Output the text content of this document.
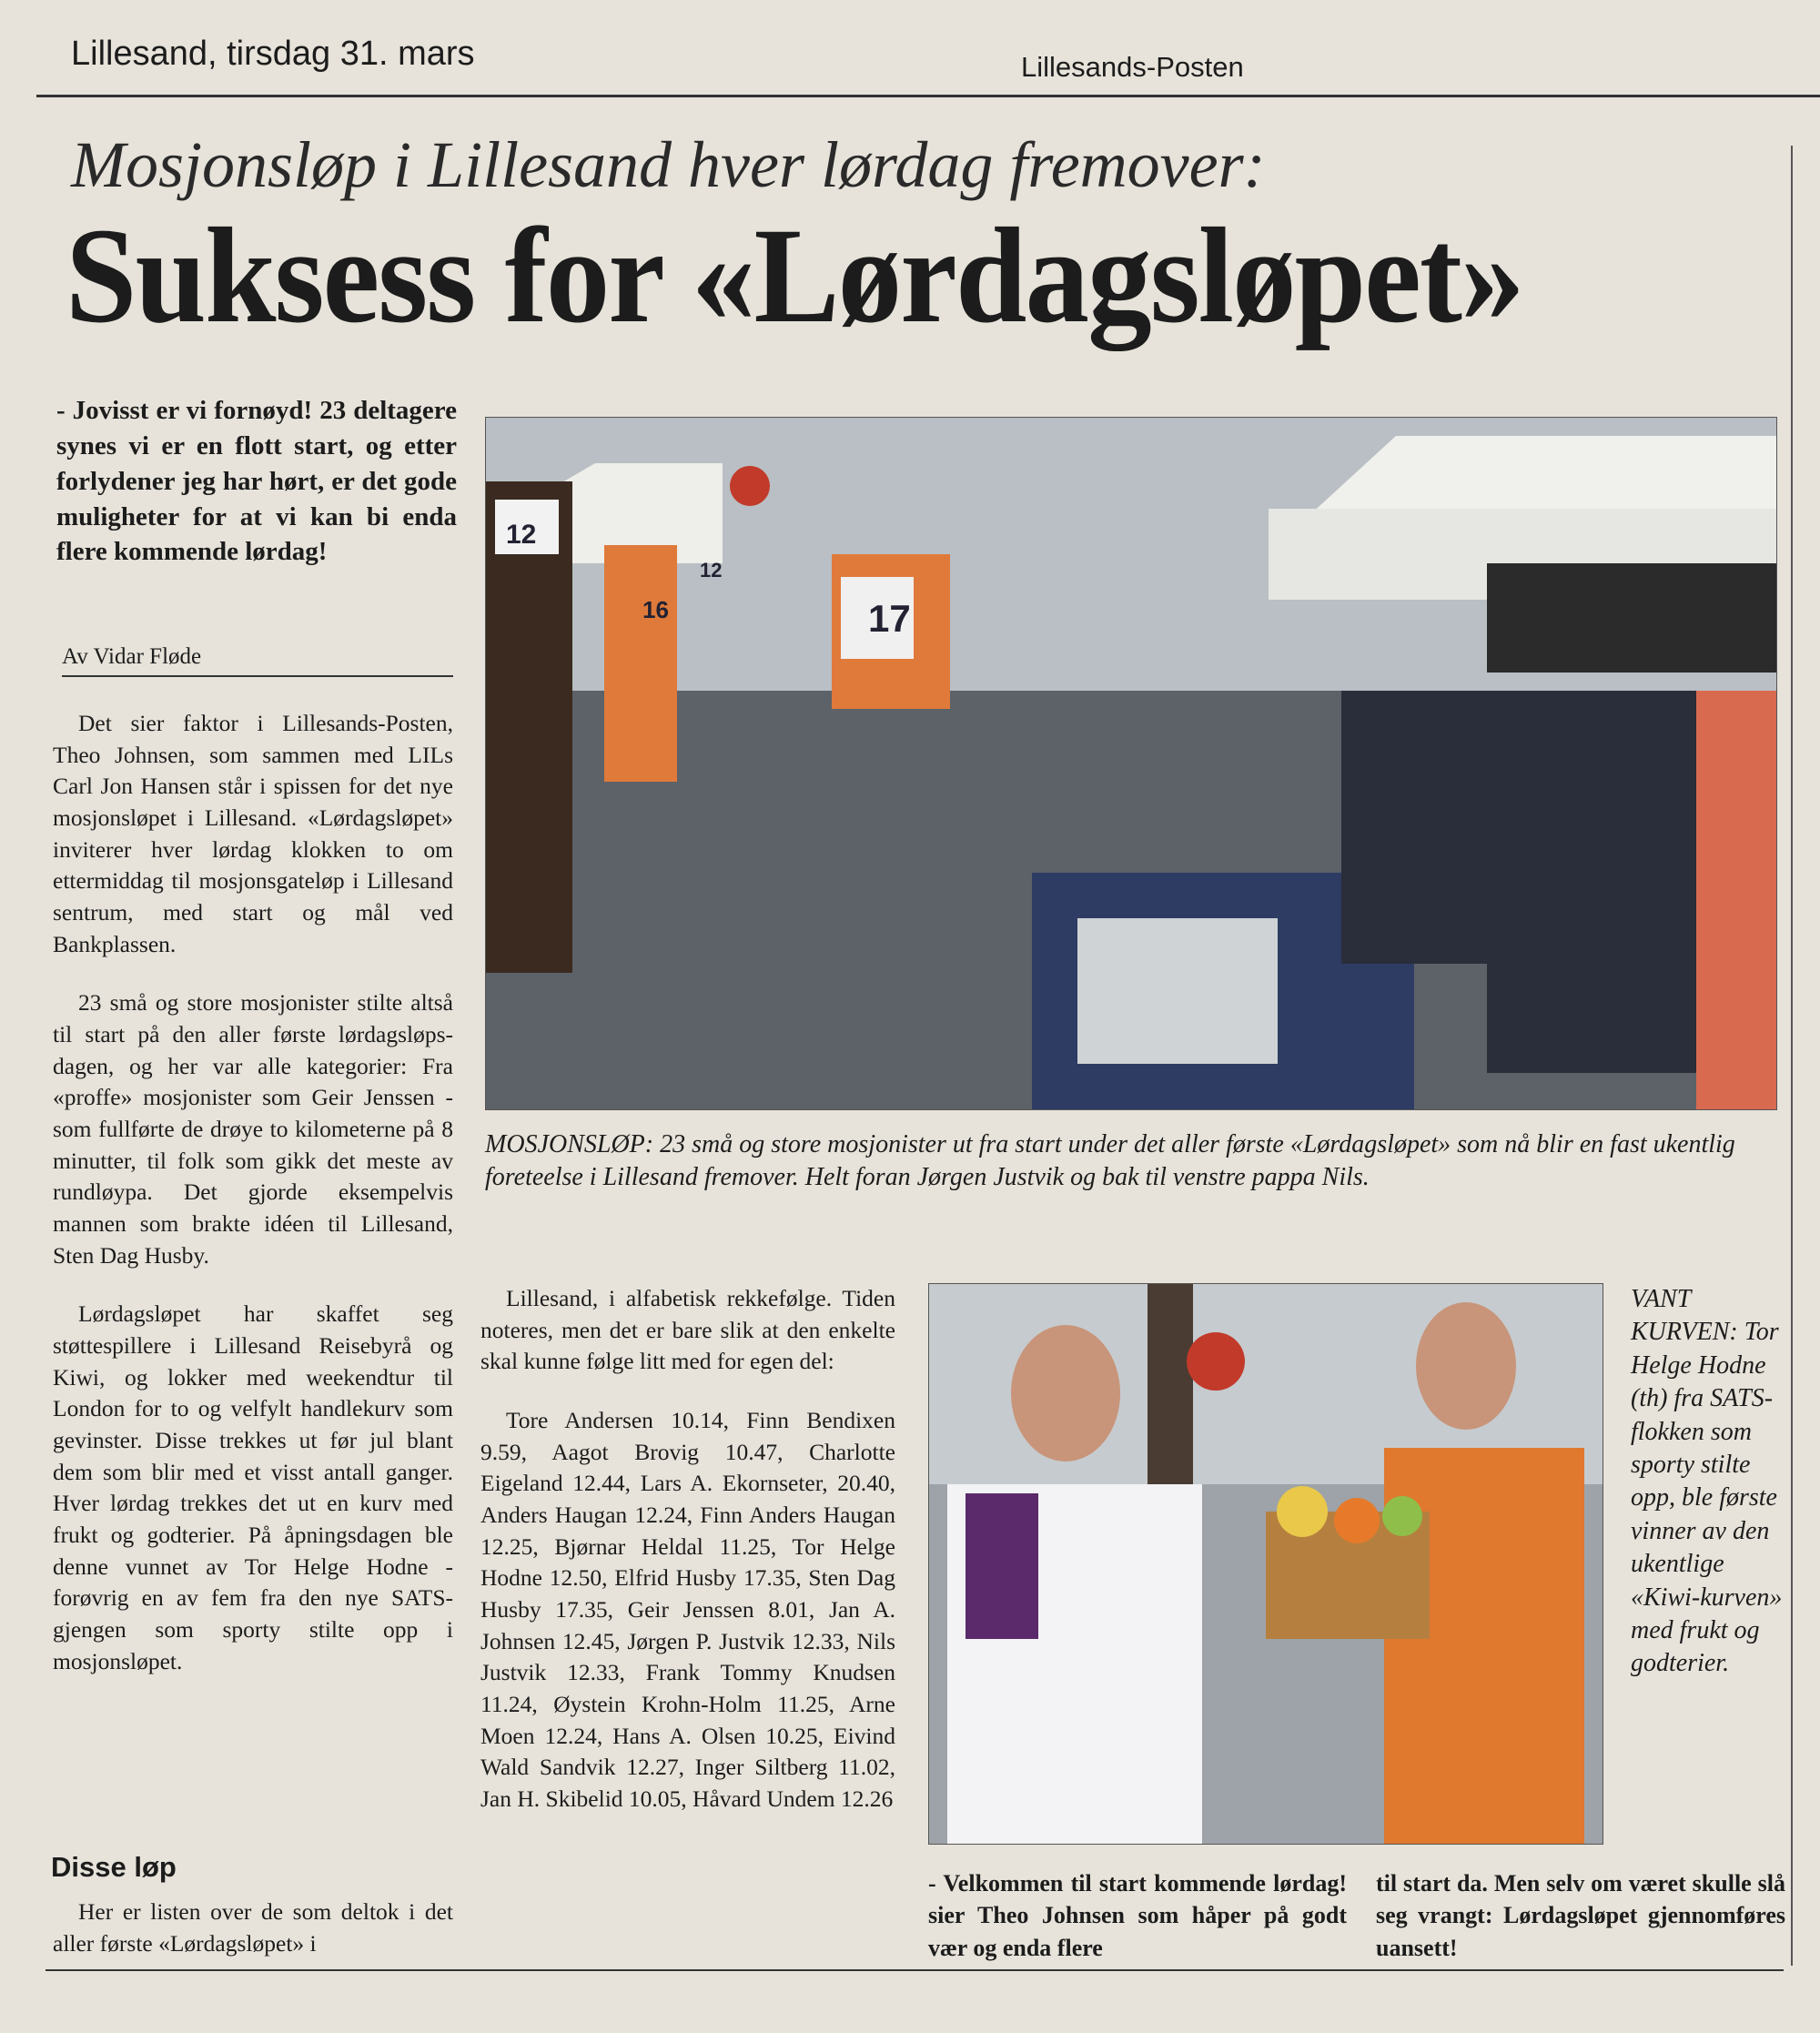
Lillesand, tirsdag 31. mars	Lillesands-Posten
Mosjonsløp i Lillesand hver lørdag fremover:
Suksess for «Lørdagsløpet»
- Jovisst er vi fornøyd! 23 deltagere synes vi er en flott start, og etter forlydener jeg har hørt, er det gode muligheter for at vi kan bi enda flere kommende lørdag!
Av Vidar Fløde

Det sier faktor i Lillesands-Posten, Theo Johnsen, som sammen med LILs Carl Jon Hansen står i spissen for det nye mosjonsløpet i Lillesand. «Lørdagsløpet» inviterer hver lørdag klokken to om ettermiddag til mosjonsgateløp i Lillesand sentrum, med start og mål ved Bankplassen.

23 små og store mosjonister stilte altså til start på den aller første lørdagsløps-dagen, og her var alle kategorier: Fra «proffe» mosjonister som Geir Jenssen - som fullførte de drøye to kilometerne på 8 minutter, til folk som gikk det meste av rundløypa. Det gjorde eksempelvis mannen som brakte idéen til Lillesand, Sten Dag Husby.

Lørdagsløpet har skaffet seg støttespillere i Lillesand Reisebyrå og Kiwi, og lokker med weekendtur til London for to og velfylt handlekurv som gevinster. Disse trekkes ut før jul blant dem som blir med et visst antall ganger. Hver lørdag trekkes det ut en kurv med frukt og godterier. På åpningsdagen ble denne vunnet av Tor Helge Hodne - forøvrig en av fem fra den nye SATS-gjengen som sporty stilte opp i mosjonsløpet.

Disse løp
Her er listen over de som deltok i det aller første «Lørdagsløpet» i
12
16	17
12
MOSJONSLØP: 23 små og store mosjonister ut fra start under det aller første «Lørdagsløpet» som nå blir en fast ukentlig foreteelse i Lillesand fremover. Helt foran Jørgen Justvik og bak til venstre pappa Nils.

Lillesand, i alfabetisk rekkefølge. Tiden noteres, men det er bare slik at den enkelte skal kunne følge litt med for egen del:

Tore Andersen 10.14, Finn Bendixen 9.59, Aagot Brovig 10.47, Charlotte Eigeland 12.44, Lars A. Ekornseter, 20.40, Anders Haugan 12.24, Finn Anders Haugan 12.25, Bjørnar Heldal 11.25, Tor Helge Hodne 12.50, Elfrid Husby 17.35, Sten Dag Husby 17.35, Geir Jenssen 8.01, Jan A. Johnsen 12.45, Jørgen P. Justvik 12.33, Nils Justvik 12.33, Frank Tommy Knudsen 11.24, Øystein Krohn-Holm 11.25, Arne Moen 12.24, Hans A. Olsen 10.25, Eivind Wald Sandvik 12.27, Inger Siltberg 11.02, Jan H. Skibelid 10.05, Håvard Undem 12.26

VANT KURVEN: Tor Helge Hodne (th) fra SATS-flokken som sporty stilte opp, ble første vinner av den ukentlige «Kiwi-kurven» med frukt og godterier.
- Velkommen til start kommende lørdag! sier Theo Johnsen som håper på godt vær og enda flere
til start da. Men selv om været skulle slå seg vrangt: Lørdagsløpet gjennomføres uansett!
